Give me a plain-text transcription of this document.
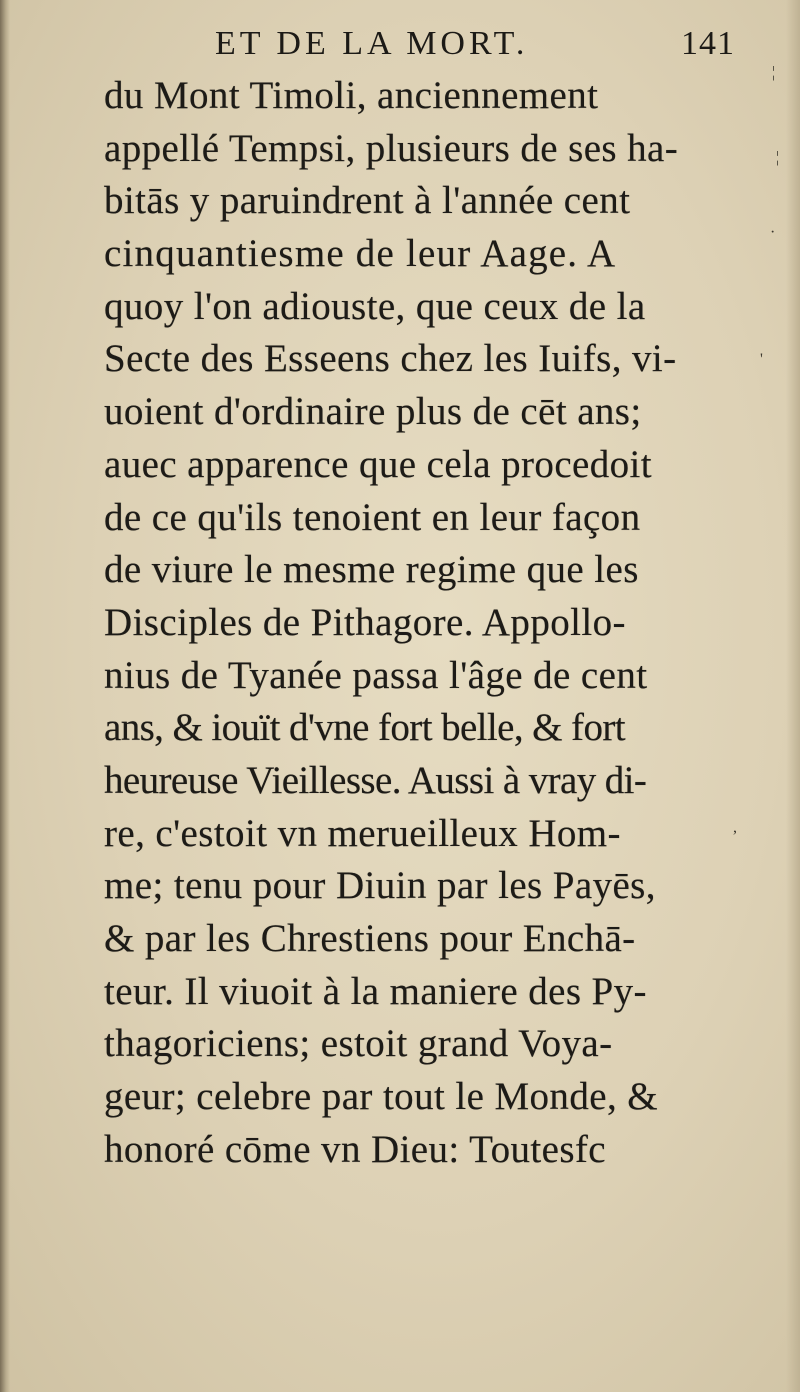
ET DE LA MORT.	141
du Mont Timoli, anciennement
appellé Tempsi, plusieurs de ses ha-
bitās y paruindrent à l'année cent
cinquantiesme de leur Aage. A
quoy l'on adiouste, que ceux de la
Secte des Esseens chez les Iuifs, vi-
uoient d'ordinaire plus de cēt ans;
auec apparence que cela procedoit
de ce qu'ils tenoient en leur façon
de viure le mesme regime que les
Disciples de Pithagore. Appollo-
nius de Tyanée passa l'âge de cent
ans, & iouït d'vne fort belle, & fort
heureuse Vieillesse. Aussi à vray di-
re, c'estoit vn merueilleux Hom-
me; tenu pour Diuin par les Payēs,
& par les Chrestiens pour Enchā-
teur. Il viuoit à la maniere des Py-
thagoriciens; estoit grand Voya-
geur; celebre par tout le Monde, &
honoré cōme vn Dieu: Toutesfc
¦
¦
·
'
,
